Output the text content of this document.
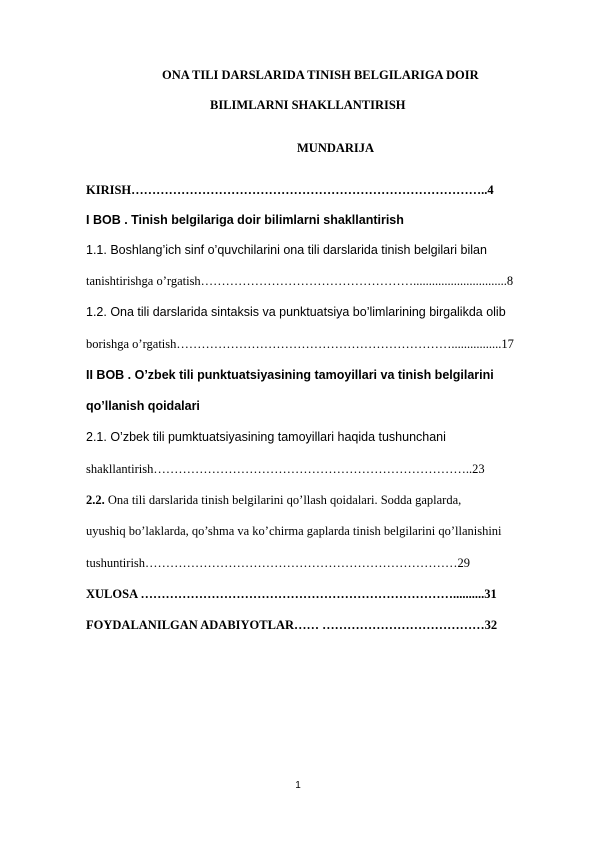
ONA TILI DARSLARIDA TINISH BELGILARIGA DOIR
BILIMLARNI SHAKLLANTIRISH
MUNDARIJA
KIRISH…………………………………………………………………………..4
I BOB . Tinish belgilariga doir bilimlarni shakllantirish
1.1. Boshlang’ich sinf o’quvchilarini ona tili darslarida tinish belgilari bilan
tanishtirishga o’rgatish……………………………………………..............................8
1.2. Ona tili darslarida sintaksis va punktuatsiya bo’limlarining birgalikda olib
borishga o’rgatish…………………………………………………………................17
II BOB . O’zbek tili punktuatsiyasining tamoyillari va tinish belgilarini
qo’llanish qoidalari
2.1. O’zbek tili pumktuatsiyasining tamoyillari haqida tushunchani
shakllantirish…………………………………………………………………..23
2.2. Ona tili darslarida tinish belgilarini qo’llash qoidalari. Sodda gaplarda,
uyushiq bo’laklarda, qo’shma va ko’chirma gaplarda tinish belgilarini qo’llanishini
tushuntirish…………………………………………………………………29
XULOSA …………………………………………………………………..........31
FOYDALANILGAN ADABIYOTLAR…… …………………………………32
1
